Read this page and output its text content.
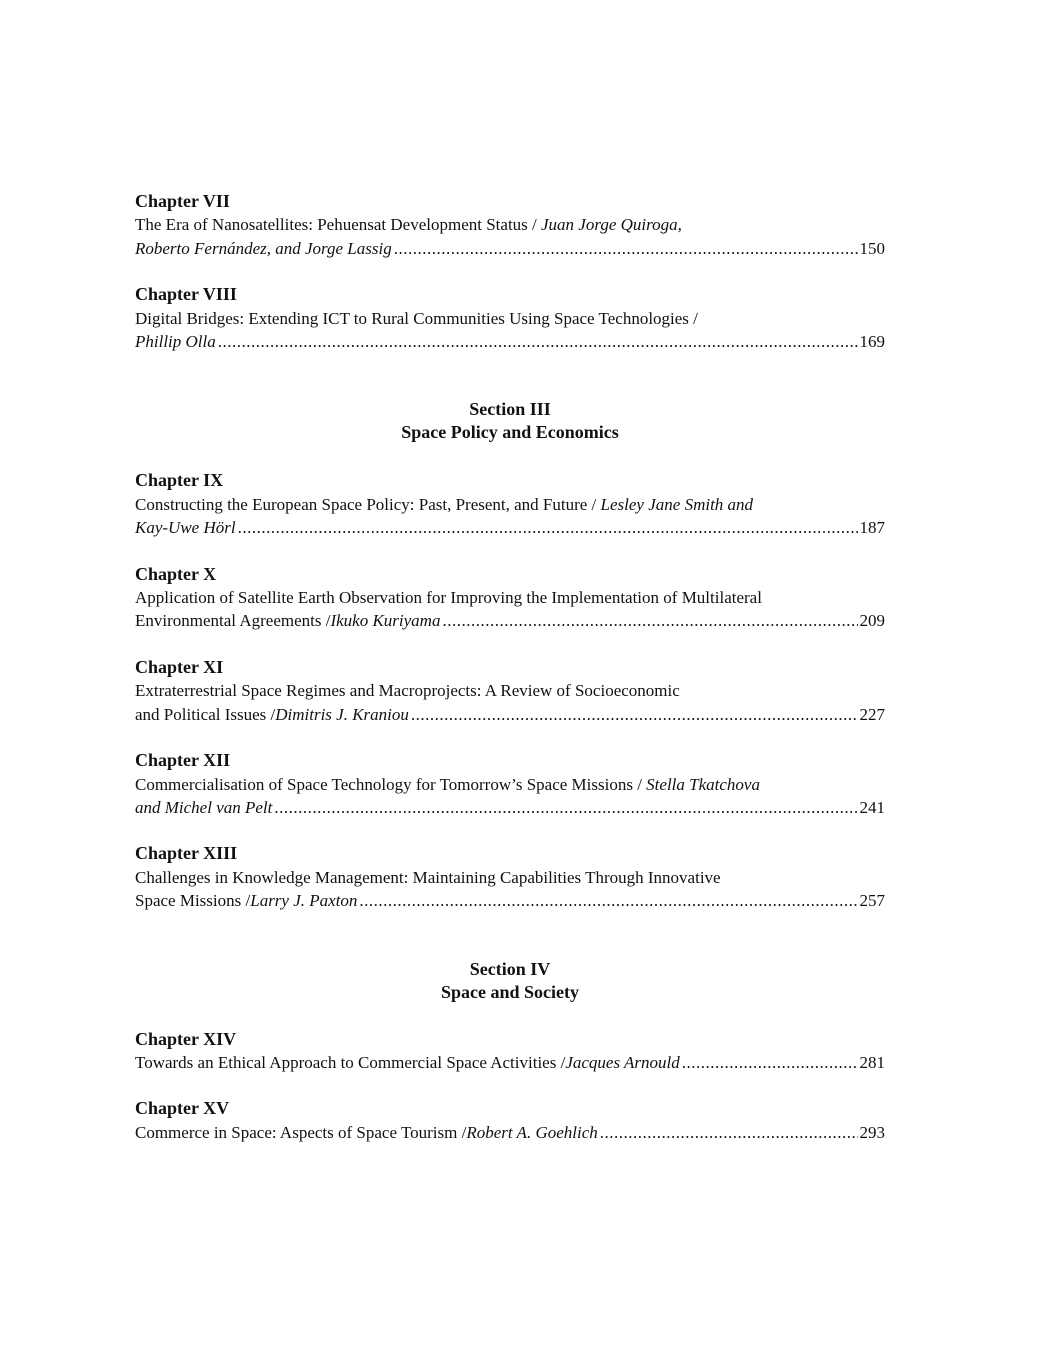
Chapter VII
The Era of Nanosatellites: Pehuensat Development Status / Juan Jorge Quiroga,
Roberto Fernández, and Jorge Lassig .....	150
Chapter VIII
Digital Bridges: Extending ICT to Rural Communities Using Space Technologies /
Phillip Olla .....	169
Section III
Space Policy and Economics
Chapter IX
Constructing the European Space Policy: Past, Present, and Future / Lesley Jane Smith and
Kay-Uwe Hörl .....	187
Chapter X
Application of Satellite Earth Observation for Improving the Implementation of Multilateral
Environmental Agreements / Ikuko Kuriyama .....	209
Chapter XI
Extraterrestrial Space Regimes and Macroprojects: A Review of Socioeconomic
and Political Issues / Dimitris J. Kraniou .....	227
Chapter XII
Commercialisation of Space Technology for Tomorrow’s Space Missions / Stella Tkatchova
and Michel van Pelt .....	241
Chapter XIII
Challenges in Knowledge Management: Maintaining Capabilities Through Innovative
Space Missions / Larry J. Paxton .....	257
Section IV
Space and Society
Chapter XIV
Towards an Ethical Approach to Commercial Space Activities / Jacques Arnould .....	281
Chapter XV
Commerce in Space: Aspects of Space Tourism / Robert A. Goehlich .....	293
